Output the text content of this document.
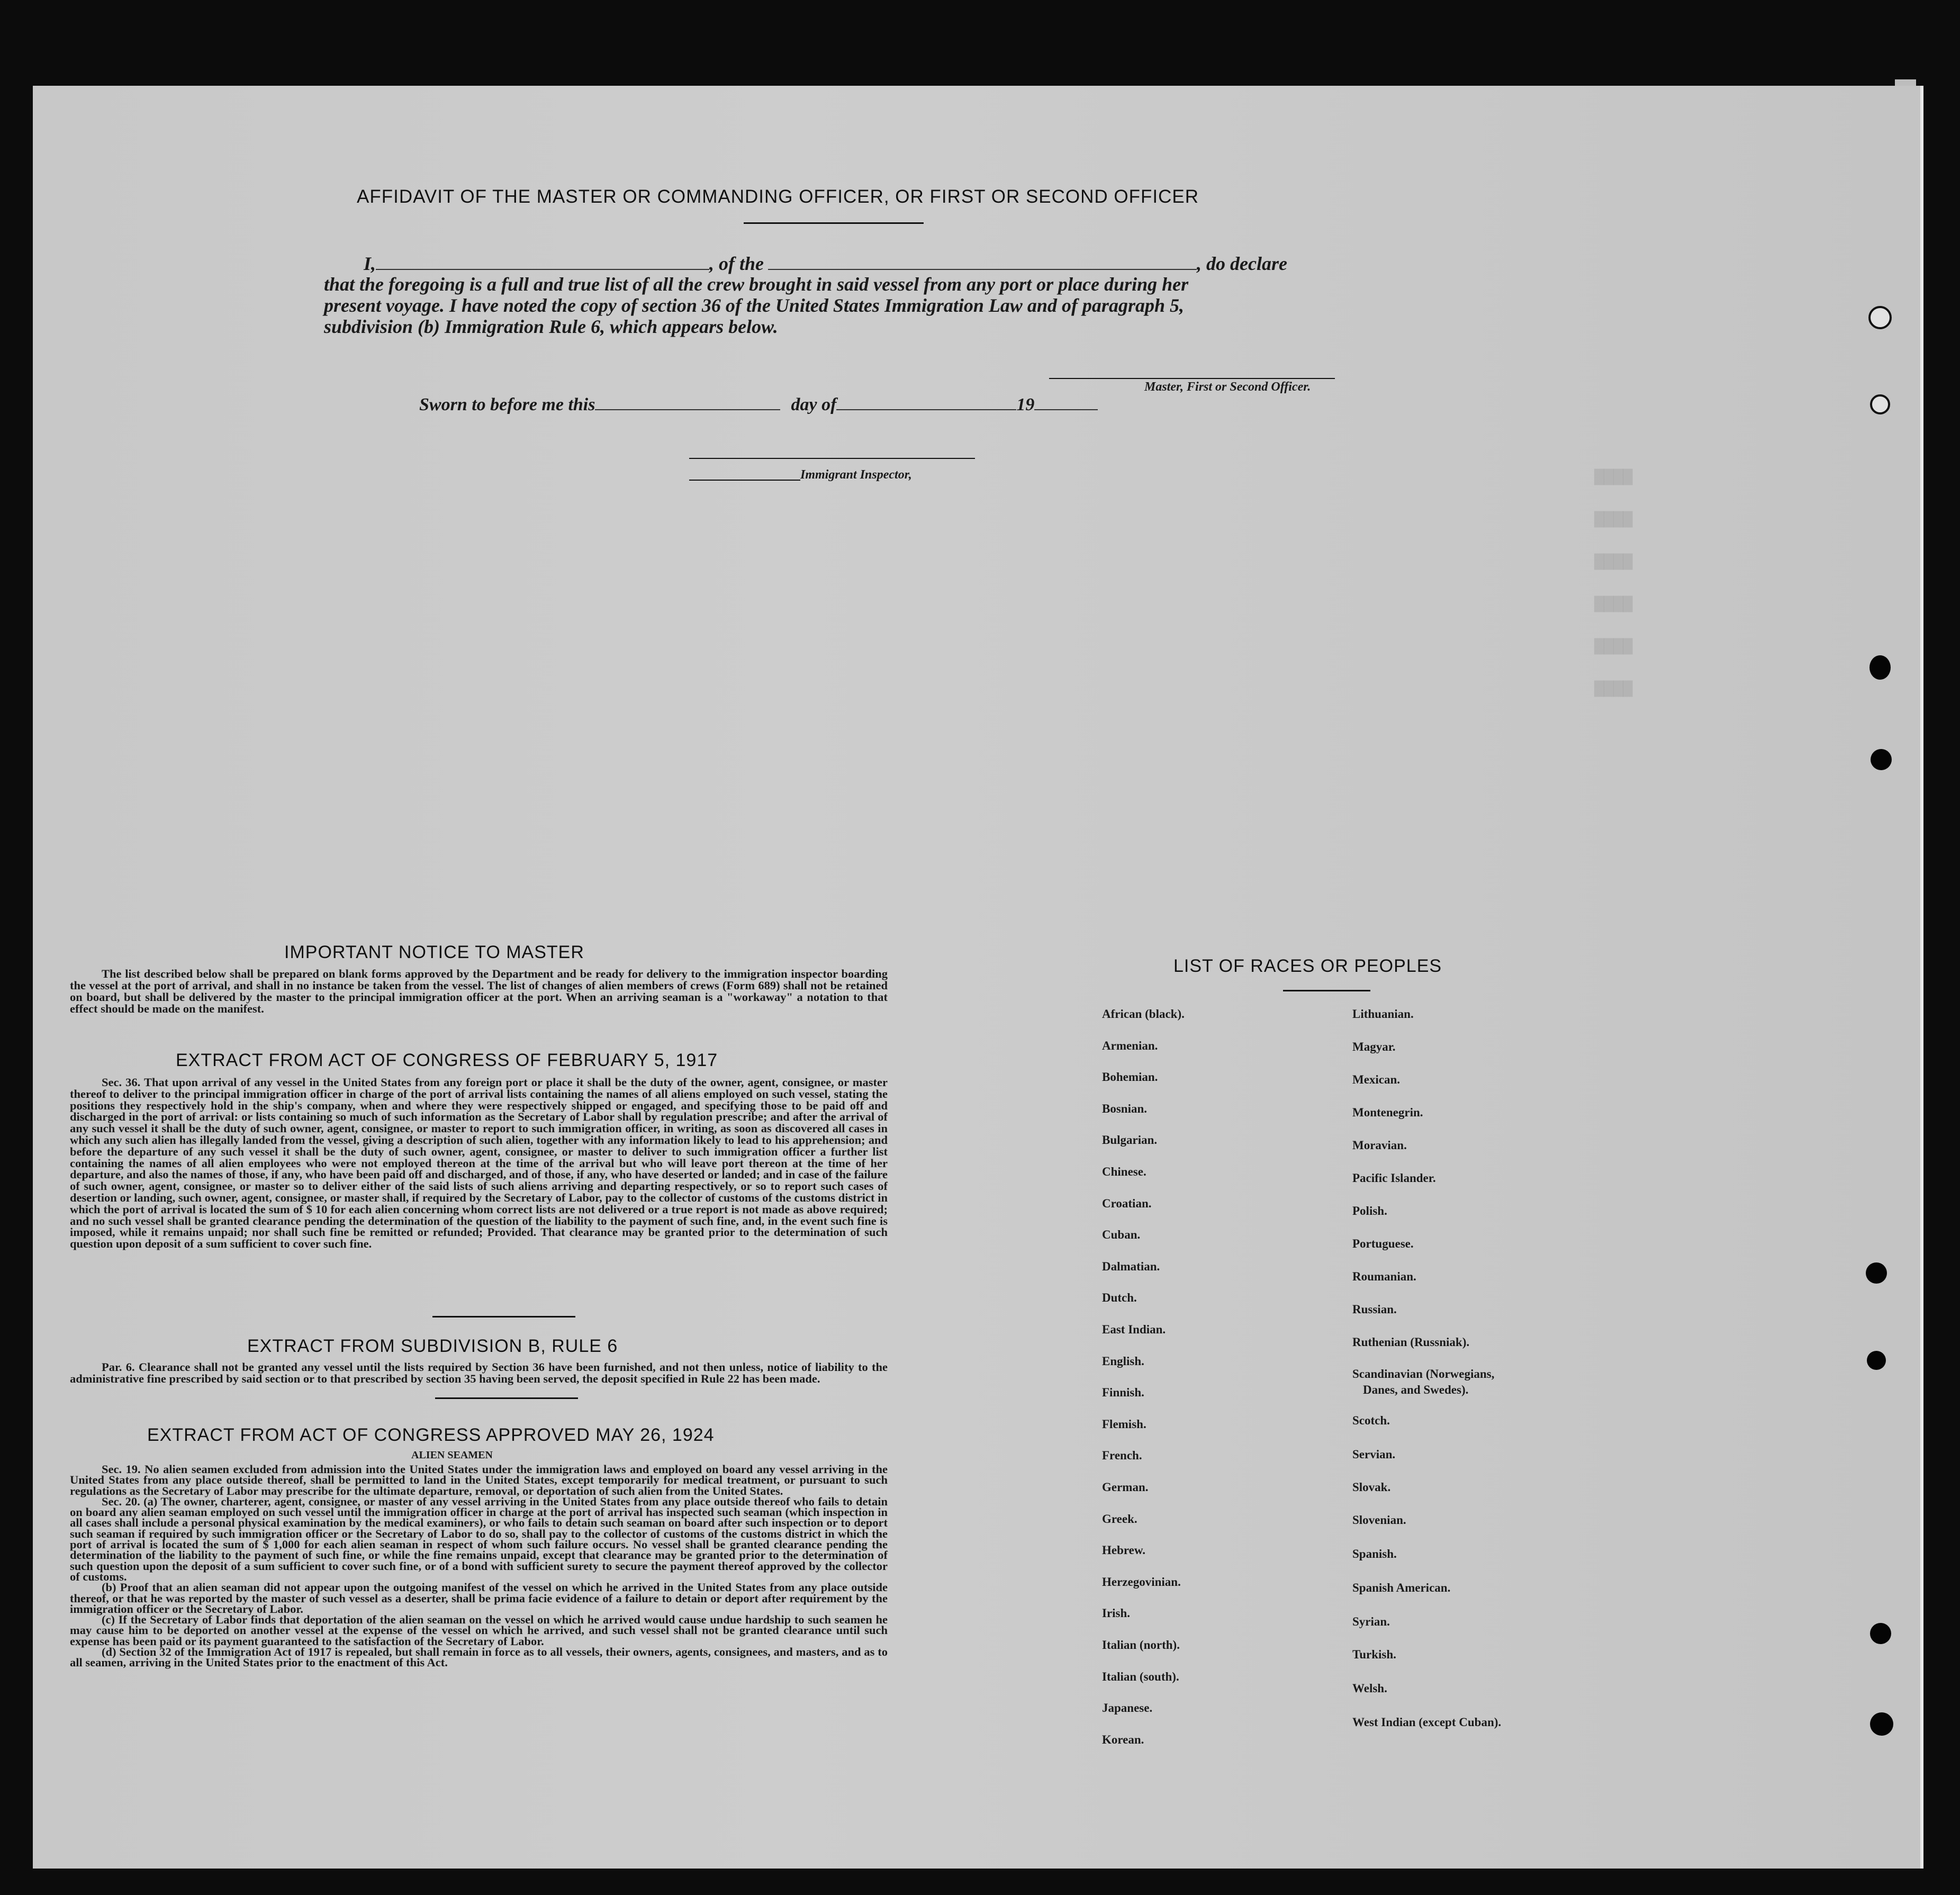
▇▇▇▇
▇▇▇▇
▇▇▇▇
▇▇▇▇
▇▇▇▇
▇▇▇▇
AFFIDAVIT OF THE MASTER OR COMMANDING OFFICER, OR FIRST OR SECOND OFFICER
I,	, of the	, do declare
that the foregoing is a full and true list of all the crew brought in said vessel from any port or place during her
present voyage. I have noted the copy of section 36 of the United States Immigration Law and of paragraph 5,
subdivision (b) Immigration Rule 6, which appears below.
Master, First or Second Officer.
Sworn to before me this	day of	19
Immigrant Inspector,
IMPORTANT NOTICE TO MASTER

The list described below shall be prepared on blank forms approved by the Department and be ready for delivery to the immigration inspector boarding the vessel at the port of arrival, and shall in no instance be taken from the vessel. The list of changes of alien members of crews (Form 689) shall not be retained on board, but shall be delivered by the master to the principal immigration officer at the port. When an arriving seaman is a "workaway" a notation to that effect should be made on the manifest.

EXTRACT FROM ACT OF CONGRESS OF FEBRUARY 5, 1917

Sec. 36. That upon arrival of any vessel in the United States from any foreign port or place it shall be the duty of the owner, agent, consignee, or master thereof to deliver to the principal immigration officer in charge of the port of arrival lists containing the names of all aliens employed on such vessel, stating the positions they respectively hold in the ship's company, when and where they were respectively shipped or engaged, and specifying those to be paid off and discharged in the port of arrival: or lists containing so much of such information as the Secretary of Labor shall by regulation prescribe; and after the arrival of any such vessel it shall be the duty of such owner, agent, consignee, or master to report to such immigration officer, in writing, as soon as discovered all cases in which any such alien has illegally landed from the vessel, giving a description of such alien, together with any information likely to lead to his apprehension; and before the departure of any such vessel it shall be the duty of such owner, agent, consignee, or master to deliver to such immigration officer a further list containing the names of all alien employees who were not employed thereon at the time of the arrival but who will leave port thereon at the time of her departure, and also the names of those, if any, who have been paid off and discharged, and of those, if any, who have deserted or landed; and in case of the failure of such owner, agent, consignee, or master so to deliver either of the said lists of such aliens arriving and departing respectively, or so to report such cases of desertion or landing, such owner, agent, consignee, or master shall, if required by the Secretary of Labor, pay to the collector of customs of the customs district in which the port of arrival is located the sum of $ 10 for each alien concerning whom correct lists are not delivered or a true report is not made as above required; and no such vessel shall be granted clearance pending the determination of the question of the liability to the payment of such fine, and, in the event such fine is imposed, while it remains unpaid; nor shall such fine be remitted or refunded; Provided. That clearance may be granted prior to the determination of such question upon deposit of a sum sufficient to cover such fine.

EXTRACT FROM SUBDIVISION B, RULE 6

Par. 6. Clearance shall not be granted any vessel until the lists required by Section 36 have been furnished, and not then unless, notice of liability to the administrative fine prescribed by said section or to that prescribed by section 35 having been served, the deposit specified in Rule 22 has been made.

EXTRACT FROM ACT OF CONGRESS APPROVED MAY 26, 1924
ALIEN SEAMEN

Sec. 19. No alien seamen excluded from admission into the United States under the immigration laws and employed on board any vessel arriving in the United States from any place outside thereof, shall be permitted to land in the United States, except temporarily for medical treatment, or pursuant to such regulations as the Secretary of Labor may prescribe for the ultimate departure, removal, or deportation of such alien from the United States.

Sec. 20. (a) The owner, charterer, agent, consignee, or master of any vessel arriving in the United States from any place outside thereof who fails to detain on board any alien seaman employed on such vessel until the immigration officer in charge at the port of arrival has inspected such seaman (which inspection in all cases shall include a personal physical examination by the medical examiners), or who fails to detain such seaman on board after such inspection or to deport such seaman if required by such immigration officer or the Secretary of Labor to do so, shall pay to the collector of customs of the customs district in which the port of arrival is located the sum of $ 1,000 for each alien seaman in respect of whom such failure occurs. No vessel shall be granted clearance pending the determination of the liability to the payment of such fine, or while the fine remains unpaid, except that clearance may be granted prior to the determination of such question upon the deposit of a sum sufficient to cover such fine, or of a bond with sufficient surety to secure the payment thereof approved by the collector of customs.

(b) Proof that an alien seaman did not appear upon the outgoing manifest of the vessel on which he arrived in the United States from any place outside thereof, or that he was reported by the master of such vessel as a deserter, shall be prima facie evidence of a failure to detain or deport after requirement by the immigration officer or the Secretary of Labor.

(c) If the Secretary of Labor finds that deportation of the alien seaman on the vessel on which he arrived would cause undue hardship to such seamen he may cause him to be deported on another vessel at the expense of the vessel on which he arrived, and such vessel shall not be granted clearance until such expense has been paid or its payment guaranteed to the satisfaction of the Secretary of Labor.

(d) Section 32 of the Immigration Act of 1917 is repealed, but shall remain in force as to all vessels, their owners, agents, consignees, and masters, and as to all seamen, arriving in the United States prior to the enactment of this Act.

LIST OF RACES OR PEOPLES
African (black).
Armenian.
Bohemian.
Bosnian.
Bulgarian.
Chinese.
Croatian.
Cuban.
Dalmatian.
Dutch.
East Indian.
English.
Finnish.
Flemish.
French.
German.
Greek.
Hebrew.
Herzegovinian.
Irish.
Italian (north).
Italian (south).
Japanese.
Korean.
Lithuanian.
Magyar.
Mexican.
Montenegrin.
Moravian.
Pacific Islander.
Polish.
Portuguese.
Roumanian.
Russian.
Ruthenian (Russniak).
Scandinavian (Norwegians,
Danes, and Swedes).
Scotch.
Servian.
Slovak.
Slovenian.
Spanish.
Spanish American.
Syrian.
Turkish.
Welsh.
West Indian (except Cuban).
